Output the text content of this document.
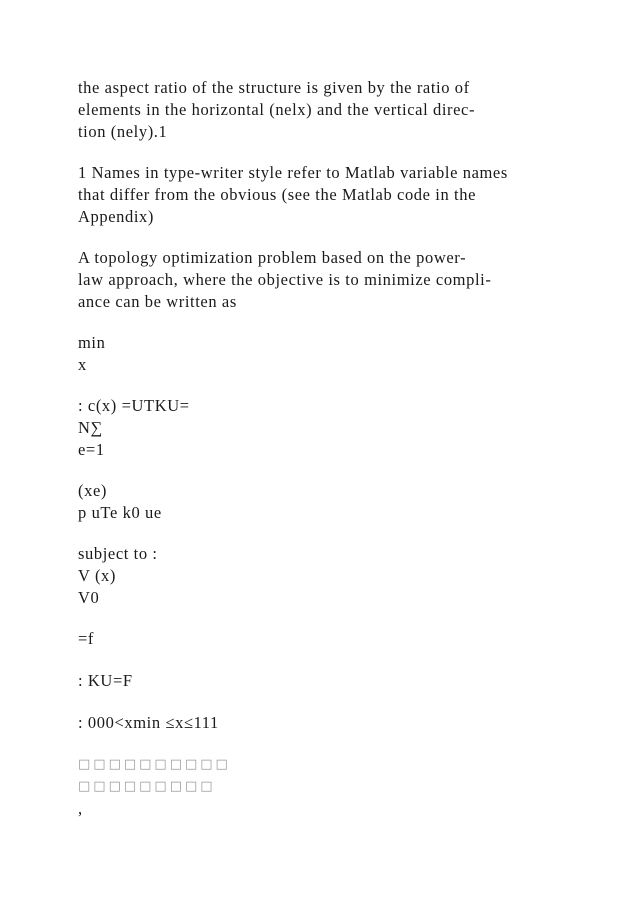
the aspect ratio of the structure is given by the ratio of
elements in the horizontal (nelx) and the vertical direc-
tion (nely).1
1 Names in type-writer style refer to Matlab variable names
that differ from the obvious (see the Matlab code in the
Appendix)
A topology optimization problem based on the power-
law approach, where the objective is to minimize compli-
ance can be written as
min
x
: c(x) =UTKU=
N∑
e=1
(xe)
p uTe k0 ue
subject to :
V (x)
V0
=f
: KU=F
: 000<xmin ≤x≤111
□□□□□□□□□□
□□□□□□□□□
,
